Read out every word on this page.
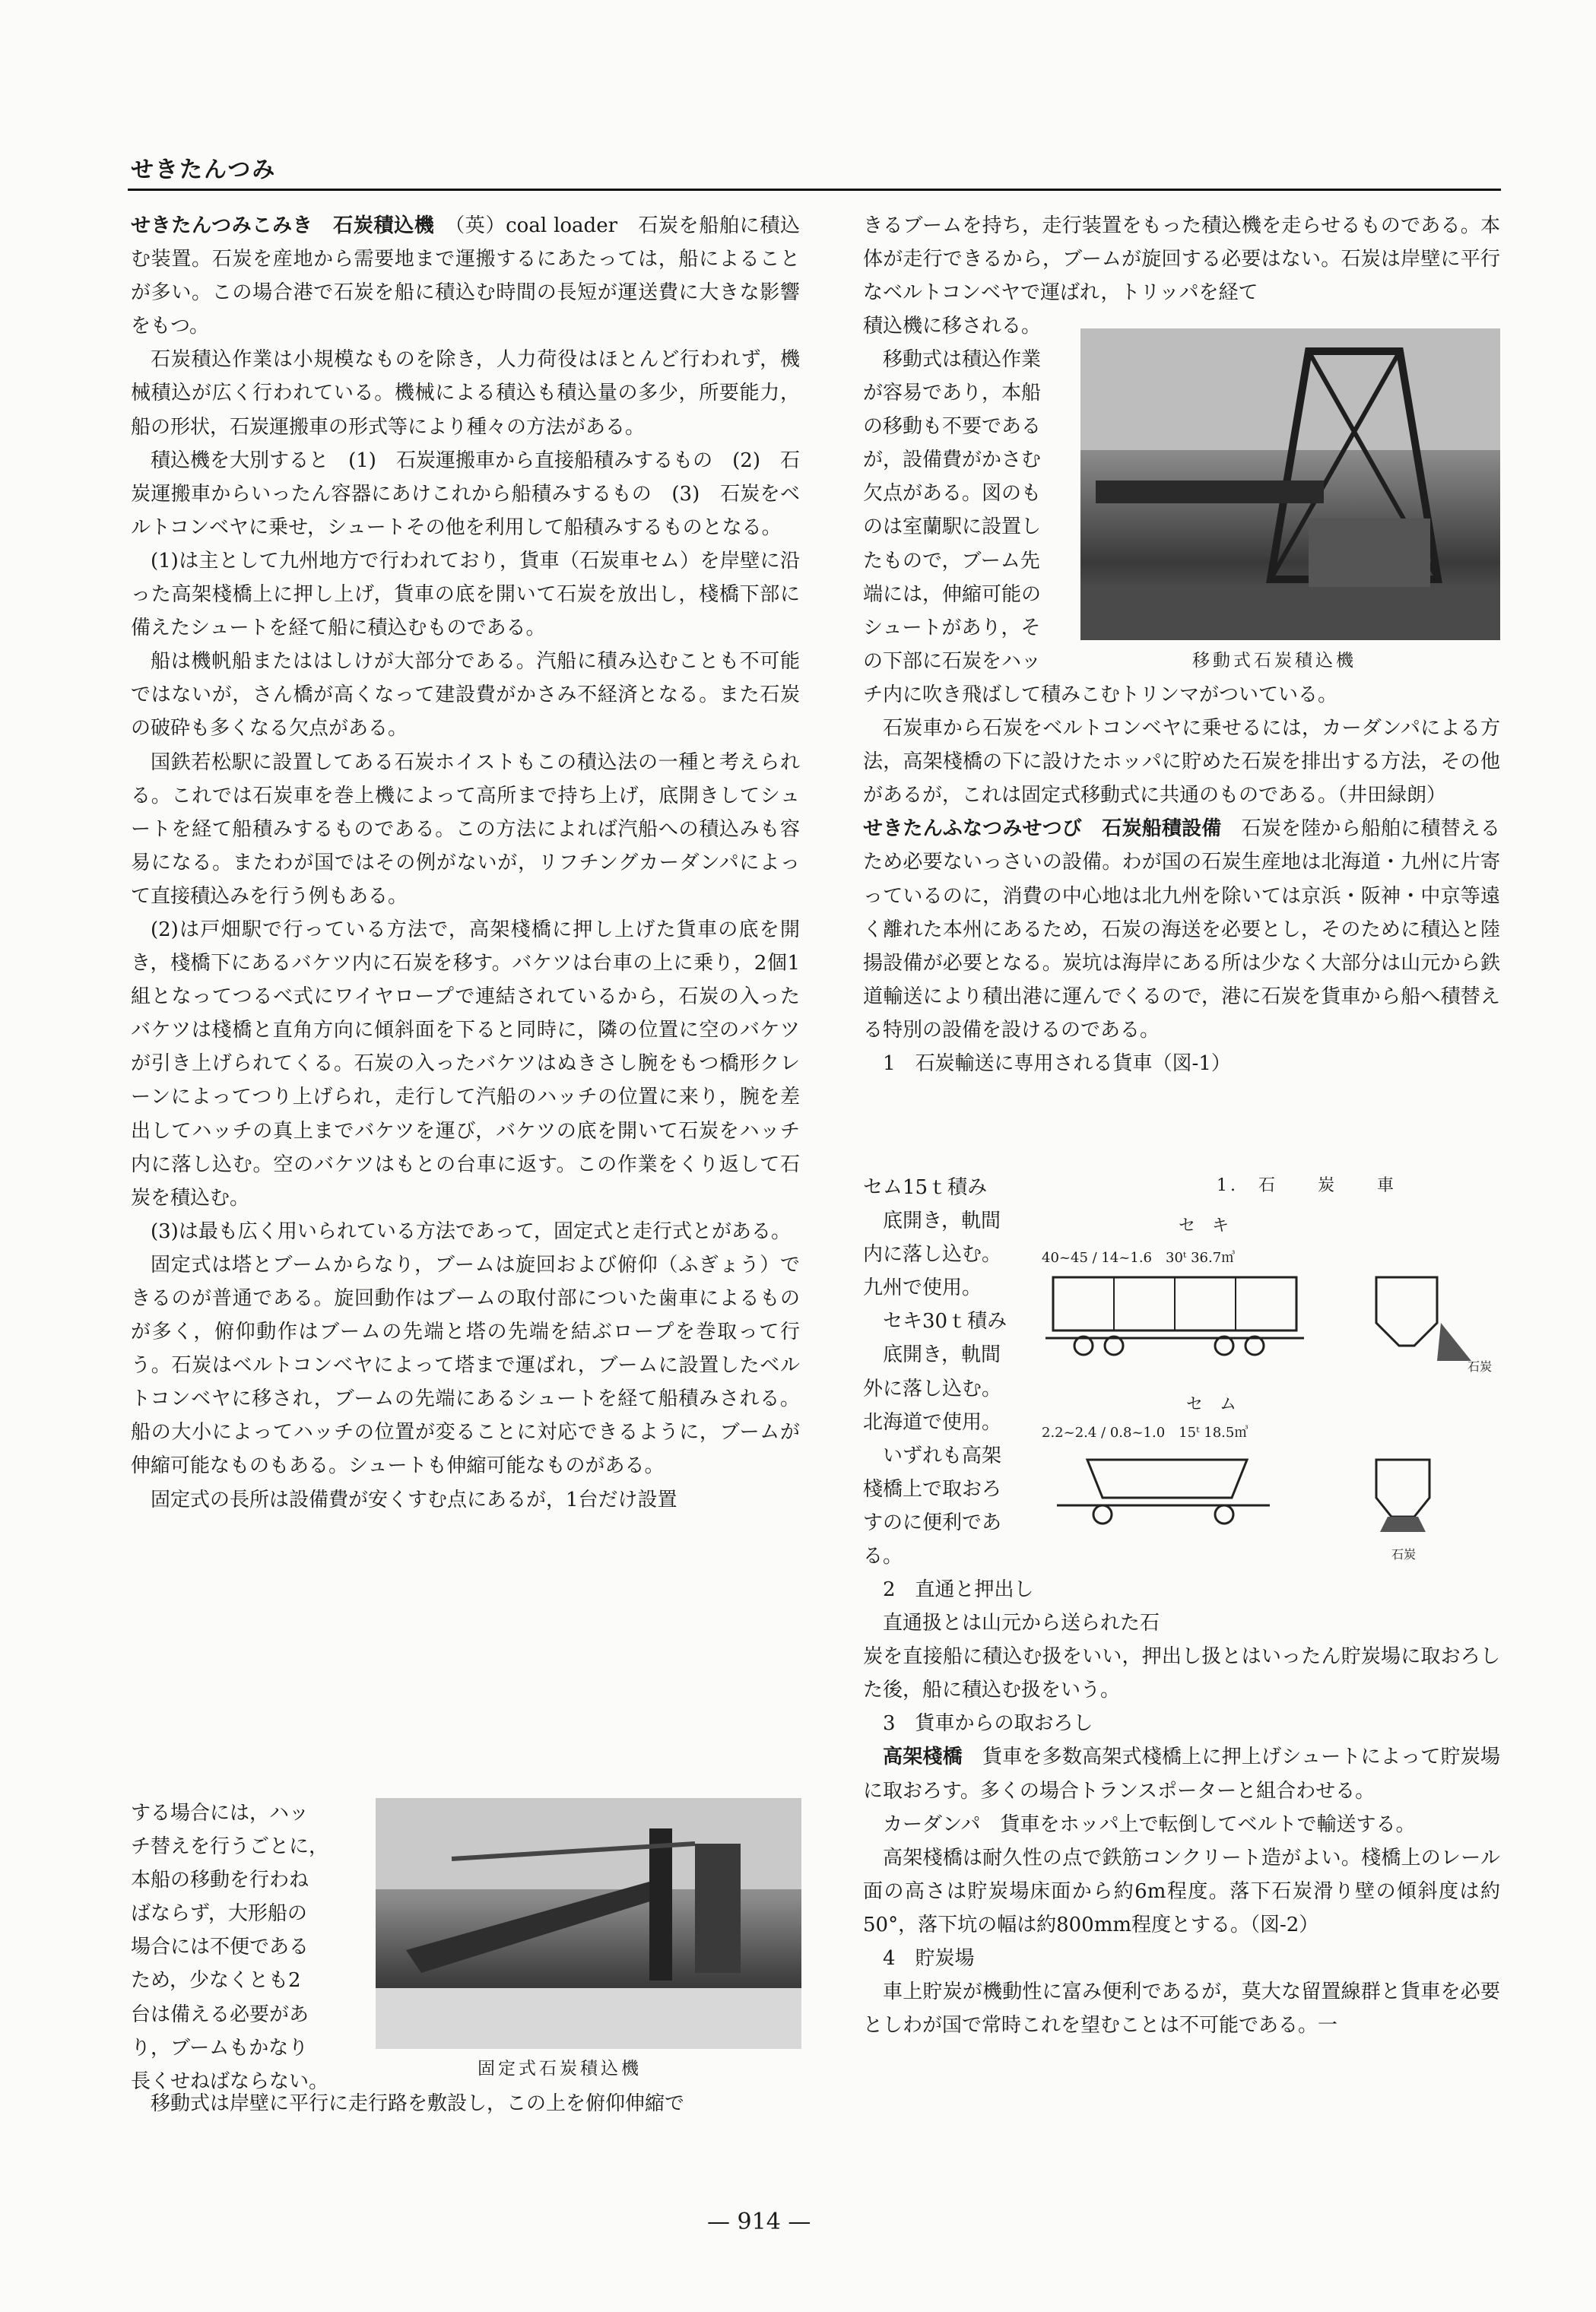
せきたんつみ

せきたんつみこみき　石炭積込機　 （英）coal loader　石炭を船舶に積込む装置。石炭を産地から需要地まで運搬するにあたっては，船によることが多い。この場合港で石炭を船に積込む時間の長短が運送費に大きな影響をもつ。

石炭積込作業は小規模なものを除き，人力荷役はほとんど行われず，機械積込が広く行われている。機械による積込も積込量の多少，所要能力，船の形状，石炭運搬車の形式等により種々の方法がある。

積込機を大別すると　(1)　石炭運搬車から直接船積みするもの　(2)　石炭運搬車からいったん容器にあけこれから船積みするもの　(3)　石炭をベルトコンベヤに乗せ，シュートその他を利用して船積みするものとなる。

(1)は主として九州地方で行われており，貨車（石炭車セム）を岸壁に沿った高架棧橋上に押し上げ，貨車の底を開いて石炭を放出し，棧橋下部に備えたシュートを経て船に積込むものである。

船は機帆船またははしけが大部分である。汽船に積み込むことも不可能ではないが，さん橋が高くなって建設費がかさみ不経済となる。また石炭の破砕も多くなる欠点がある。

国鉄若松駅に設置してある石炭ホイストもこの積込法の一種と考えられる。これでは石炭車を巻上機によって高所まで持ち上げ，底開きしてシュートを経て船積みするものである。この方法によれば汽船への積込みも容易になる。またわが国ではその例がないが，リフチングカーダンパによって直接積込みを行う例もある。

(2)は戸畑駅で行っている方法で，高架棧橋に押し上げた貨車の底を開き，棧橋下にあるバケツ内に石炭を移す。バケツは台車の上に乗り，2個1組となってつるべ式にワイヤロープで連結されているから，石炭の入ったバケツは棧橋と直角方向に傾斜面を下ると同時に，隣の位置に空のバケツが引き上げられてくる。石炭の入ったバケツはぬきさし腕をもつ橋形クレーンによってつり上げられ，走行して汽船のハッチの位置に来り，腕を差出してハッチの真上までバケツを運び，バケツの底を開いて石炭をハッチ内に落し込む。空のバケツはもとの台車に返す。この作業をくり返して石炭を積込む。

(3)は最も広く用いられている方法であって，固定式と走行式とがある。

固定式は塔とブームからなり，ブームは旋回および俯仰（ふぎょう）できるのが普通である。旋回動作はブームの取付部についた歯車によるものが多く，俯仰動作はブームの先端と塔の先端を結ぶロープを巻取って行う。石炭はベルトコンベヤによって塔まで運ばれ，ブームに設置したベルトコンベヤに移され，ブームの先端にあるシュートを経て船積みされる。船の大小によってハッチの位置が変ることに対応できるように，ブームが伸縮可能なものもある。シュートも伸縮可能なものがある。

固定式の長所は設備費が安くすむ点にあるが，1台だけ設置

する場合には，ハッ
チ替えを行うごとに，
本船の移動を行わね
ばならず，大形船の
場合には不便である
ため，少なくとも2
台は備える必要があ
り，ブームもかなり
長くせねばならない。
固定式石炭積込機
移動式は岸壁に平行に走行路を敷設し，この上を俯仰伸縮で

きるブームを持ち，走行装置をもった積込機を走らせるものである。本体が走行できるから，ブームが旋回する必要はない。石炭は岸壁に平行なベルトコンベヤで運ばれ，トリッパを経て

積込機に移される。

移動式は積込作業
が容易であり，本船
の移動も不要である
が，設備費がかさむ
欠点がある。図のも
のは室蘭駅に設置し
たもので，ブーム先
端には，伸縮可能の
シュートがあり，そ
の下部に石炭をハッ	移動式石炭積込機

チ内に吹き飛ばして積みこむトリンマがついている。

石炭車から石炭をベルトコンベヤに乗せるには，カーダンパによる方法，高架棧橋の下に設けたホッパに貯めた石炭を排出する方法，その他があるが，これは固定式移動式に共通のものである。（井田緑朗）

せきたんふなつみせつび　石炭船積設備　 石炭を陸から船舶に積替えるため必要ないっさいの設備。わが国の石炭生産地は北海道・九州に片寄っているのに，消費の中心地は北九州を除いては京浜・阪神・中京等遠く離れた本州にあるため，石炭の海送を必要とし，そのために積込と陸揚設備が必要となる。炭坑は海岸にある所は少なく大部分は山元から鉄道輸送により積出港に運んでくるので，港に石炭を貨車から船へ積替える特別の設備を設けるのである。

1　石炭輸送に専用される貨車（図-1）

セム15ｔ積み
底開き，軌間
内に落し込む。
九州で使用。
セキ30ｔ積み
底開き，軌間
外に落し込む。
北海道で使用。
いずれも高架
棧橋上で取おろ
すのに便利であ
る。
1.　石　　炭　　車
セ　キ
40~45 / 14~1.6　30ᵗ 36.7㎥
石炭
セ　ム
2.2~2.4 / 0.8~1.0　15ᵗ 18.5㎥
石炭

2　直通と押出し

直通扱とは山元から送られた石

炭を直接船に積込む扱をいい，押出し扱とはいったん貯炭場に取おろした後，船に積込む扱をいう。

3　貨車からの取おろし

高架棧橋　 貨車を多数高架式棧橋上に押上げシュートによって貯炭場に取おろす。多くの場合トランスポーターと組合わせる。

カーダンパ　貨車をホッパ上で転倒してベルトで輸送する。

高架棧橋は耐久性の点で鉄筋コンクリート造がよい。棧橋上のレール面の高さは貯炭場床面から約6m程度。落下石炭滑り壁の傾斜度は約50°，落下坑の幅は約800mm程度とする。（図-2）

4　貯炭場

車上貯炭が機動性に富み便利であるが，莫大な留置線群と貨車を必要としわが国で常時これを望むことは不可能である。一

— 914 —
